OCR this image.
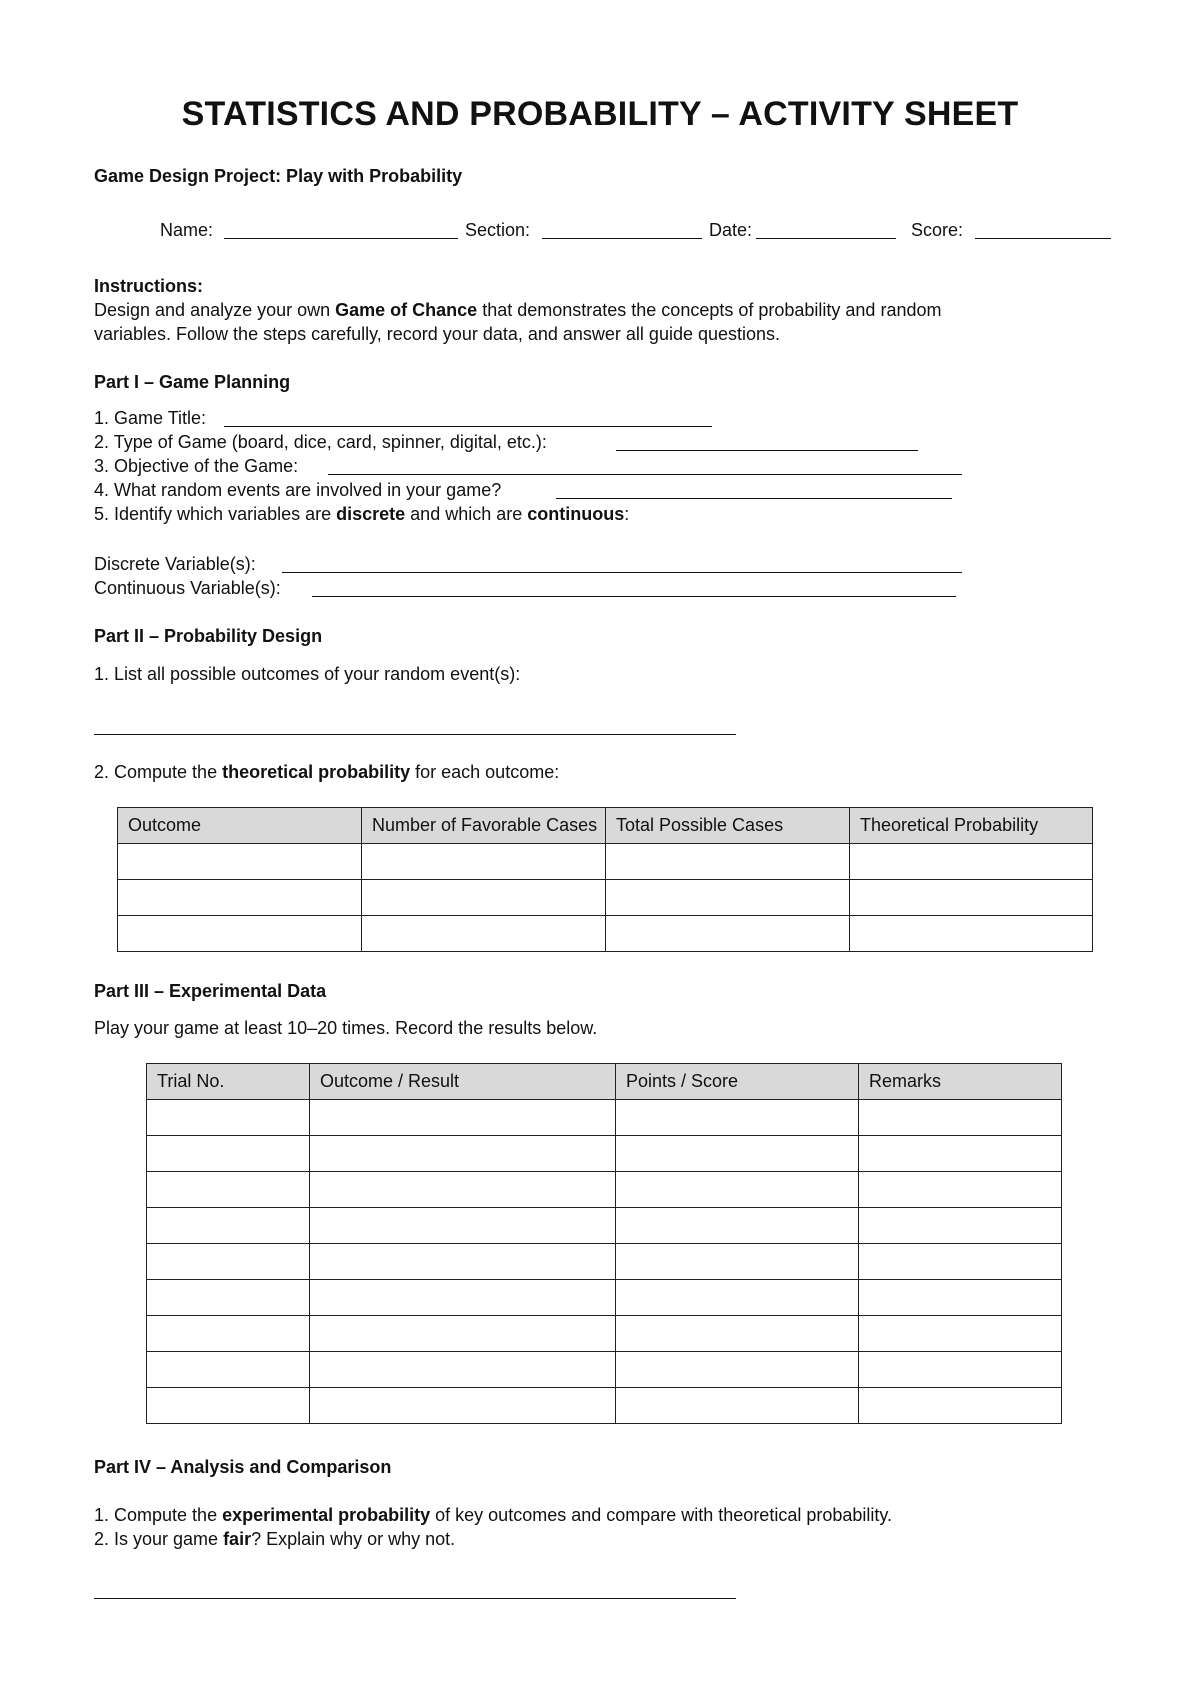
STATISTICS AND PROBABILITY – ACTIVITY SHEET
Game Design Project: Play with Probability
Name:	Section:	Date:	Score:
Instructions:
Design and analyze your own Game of Chance that demonstrates the concepts of probability and random
variables. Follow the steps carefully, record your data, and answer all guide questions.
Part I – Game Planning
1. Game Title:
2. Type of Game (board, dice, card, spinner, digital, etc.):
3. Objective of the Game:
4. What random events are involved in your game?
5. Identify which variables are discrete and which are continuous:
Discrete Variable(s):
Continuous Variable(s):
Part II – Probability Design
1. List all possible outcomes of your random event(s):
2. Compute the theoretical probability for each outcome:
Outcome	Number of Favorable Cases	Total Possible Cases	Theoretical Probability

Part III – Experimental Data
Play your game at least 10–20 times. Record the results below.
Trial No.	Outcome / Result	Points / Score	Remarks

Part IV – Analysis and Comparison
1. Compute the experimental probability of key outcomes and compare with theoretical probability.
2. Is your game fair? Explain why or why not.
